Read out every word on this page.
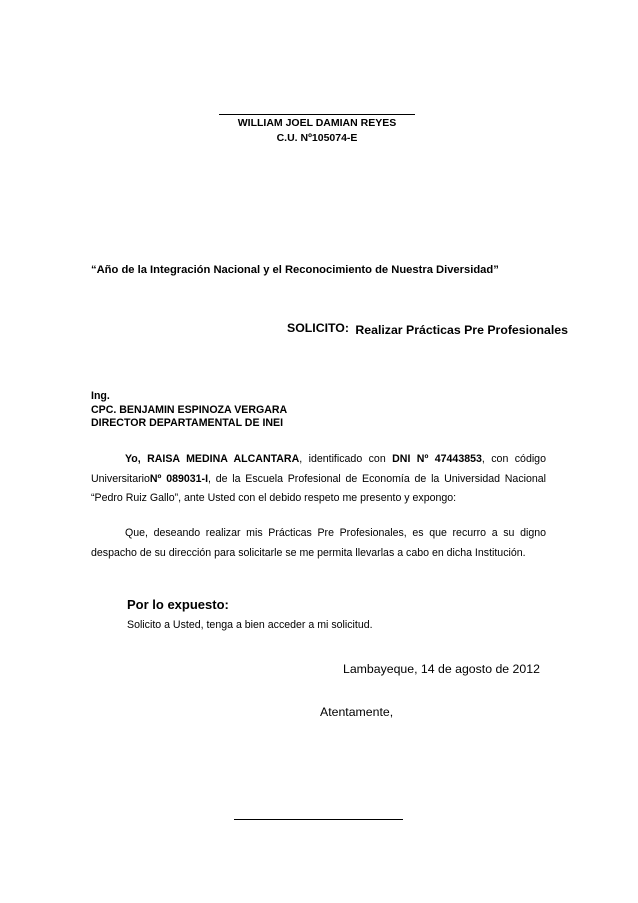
WILLIAM JOEL DAMIAN REYES
C.U. Nº105074-E
“Año de la Integración Nacional y el Reconocimiento de Nuestra Diversidad”
SOLICITO: Realizar Prácticas Pre Profesionales
Ing.
CPC. BENJAMIN ESPINOZA VERGARA
DIRECTOR DEPARTAMENTAL DE INEI
Yo, RAISA MEDINA ALCANTARA, identificado con DNI Nº 47443853, con código
UniversitarioNº 089031-I, de la Escuela Profesional de Economía de la Universidad Nacional
“Pedro Ruiz Gallo”, ante Usted con el debido respeto me presento y expongo:
Que, deseando realizar mis Prácticas Pre Profesionales, es que recurro a su digno
despacho de su dirección para solicitarle se me permita llevarlas a cabo en dicha Institución.
Por lo expuesto:
Solicito a Usted, tenga a bien acceder a mi solicitud.
Lambayeque, 14 de agosto de 2012
Atentamente,
